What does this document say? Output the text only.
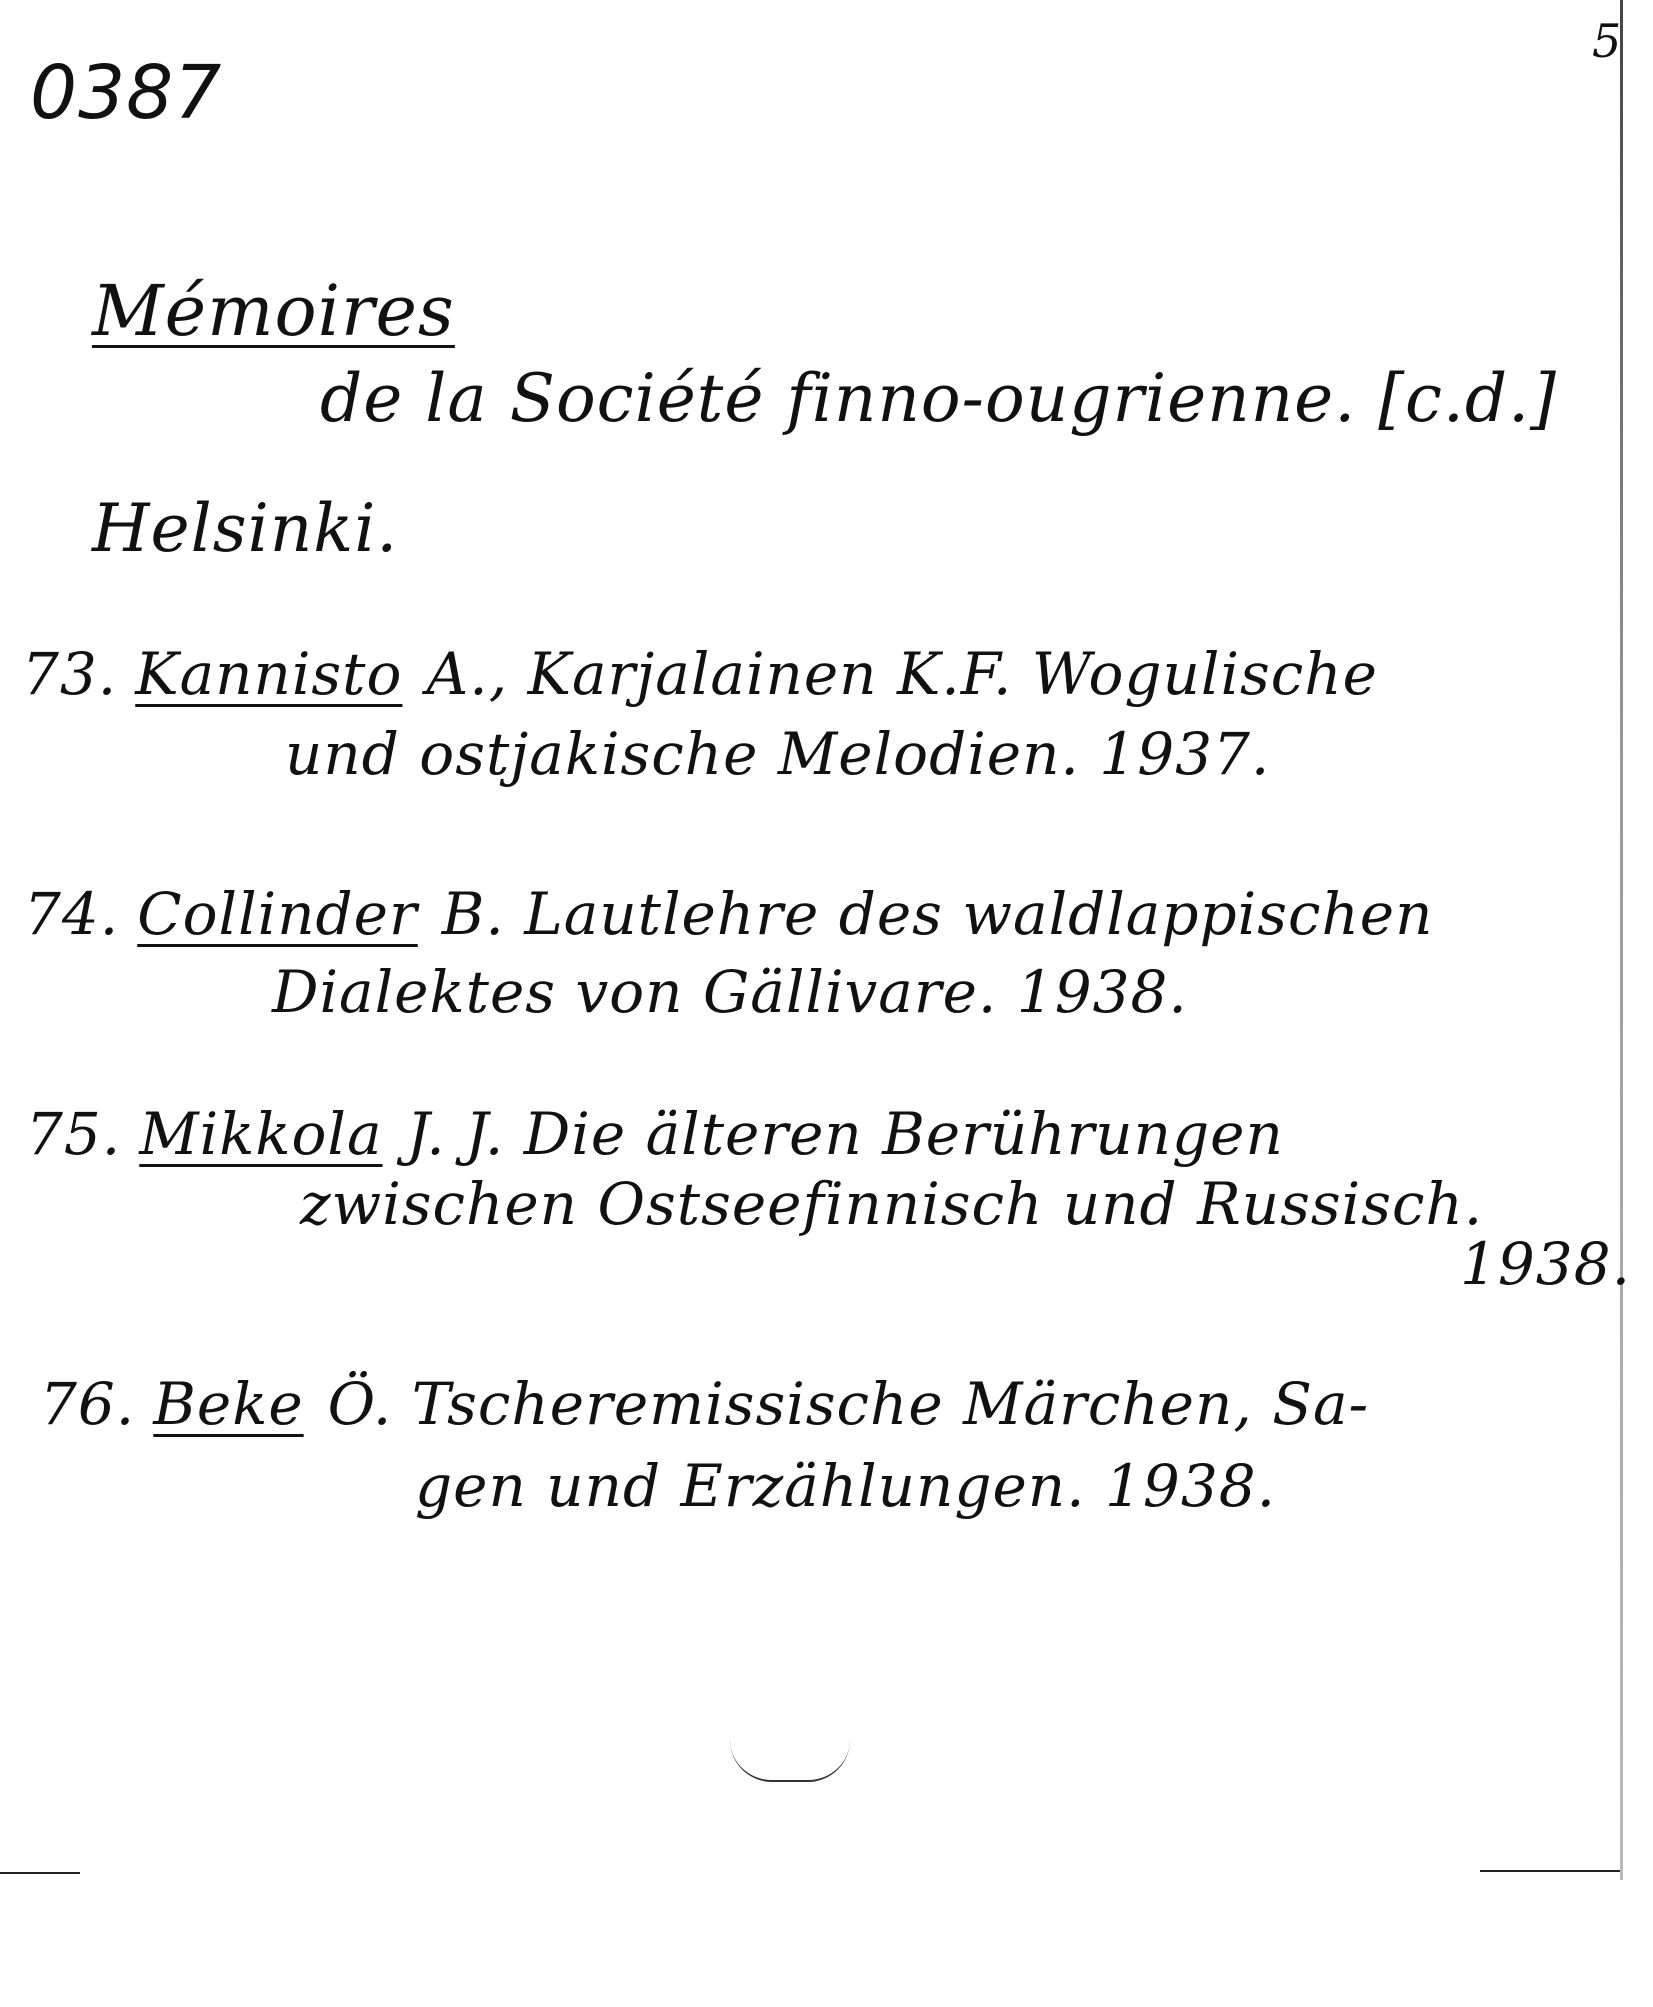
0387
5
Mémoires
de la Société finno-ougrienne. [c.d.]
Helsinki.
73. Kannisto A., Karjalainen K.F. Wogulische
und ostjakische Melodien. 1937.
74. Collinder B. Lautlehre des waldlappischen
Dialektes von Gällivare. 1938.
75. Mikkola J. J. Die älteren Berührungen
zwischen Ostseefinnisch und Russisch.
1938.
76. Beke Ö. Tscheremissische Märchen, Sa-
gen und Erzählungen. 1938.
